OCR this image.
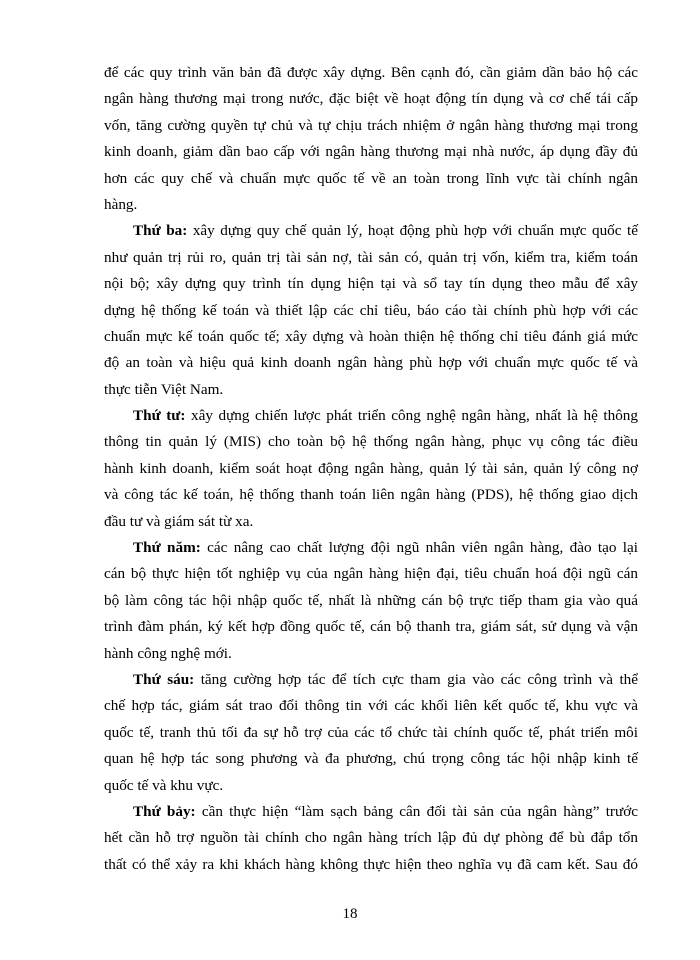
để các quy trình văn bản đã được xây dựng. Bên cạnh đó, cần giảm dần bảo hộ các
ngân hàng thương mại trong nước, đặc biệt về hoạt động tín dụng và cơ chế tái cấp
vốn, tăng cường quyền tự chủ và tự chịu trách nhiệm ở ngân hàng thương mại trong
kinh doanh, giảm dần bao cấp với ngân hàng thương mại nhà nước, áp dụng đầy đủ
hơn các quy chế và chuẩn mực quốc tế về an toàn trong lĩnh vực tài chính ngân
hàng.
Thứ ba: xây dựng quy chế quản lý, hoạt động phù hợp với chuẩn mực quốc tế
như quản trị rủi ro, quản trị tài sản nợ, tài sản có, quản trị vốn, kiểm tra, kiểm toán
nội bộ; xây dựng quy trình tín dụng hiện tại và sổ tay tín dụng theo mẫu để xây
dựng hệ thống kế toán và thiết lập các chỉ tiêu, báo cáo tài chính phù hợp với các
chuẩn mực kế toán quốc tế; xây dựng và hoàn thiện hệ thống chỉ tiêu đánh giá mức
độ an toàn và hiệu quả kinh doanh ngân hàng phù hợp với chuẩn mực quốc tế và
thực tiễn Việt Nam.
Thứ tư: xây dựng chiến lược phát triển công nghệ ngân hàng, nhất là hệ thông
thông tin quản lý (MIS) cho toàn bộ hệ thống ngân hàng, phục vụ công tác điều
hành kinh doanh, kiểm soát hoạt động ngân hàng, quản lý tài sản, quản lý công nợ
và công tác kế toán, hệ thống thanh toán liên ngân hàng (PDS), hệ thống giao dịch
đầu tư và giám sát từ xa.
Thứ năm: các nâng cao chất lượng đội ngũ nhân viên ngân hàng, đào tạo lại
cán bộ thực hiện tốt nghiệp vụ của ngân hàng hiện đại, tiêu chuẩn hoá đội ngũ cán
bộ làm công tác hội nhập quốc tế, nhất là những cán bộ trực tiếp tham gia vào quá
trình đàm phán, ký kết hợp đồng quốc tế, cán bộ thanh tra, giám sát, sử dụng và vận
hành công nghệ mới.
Thứ sáu: tăng cường hợp tác để tích cực tham gia vào các công trình và thể
chế hợp tác, giám sát trao đổi thông tin với các khối liên kết quốc tế, khu vực và
quốc tế, tranh thủ tối đa sự hỗ trợ của các tổ chức tài chính quốc tế, phát triển môi
quan hệ hợp tác song phương và đa phương, chú trọng công tác hội nhập kinh tế
quốc tế và khu vực.
Thứ bảy: cần thực hiện “làm sạch bảng cân đối tài sản của ngân hàng” trước
hết cần hỗ trợ nguồn tài chính cho ngân hàng trích lập đủ dự phòng để bù đắp tổn
thất có thể xảy ra khi khách hàng không thực hiện theo nghĩa vụ đã cam kết. Sau đó
18
